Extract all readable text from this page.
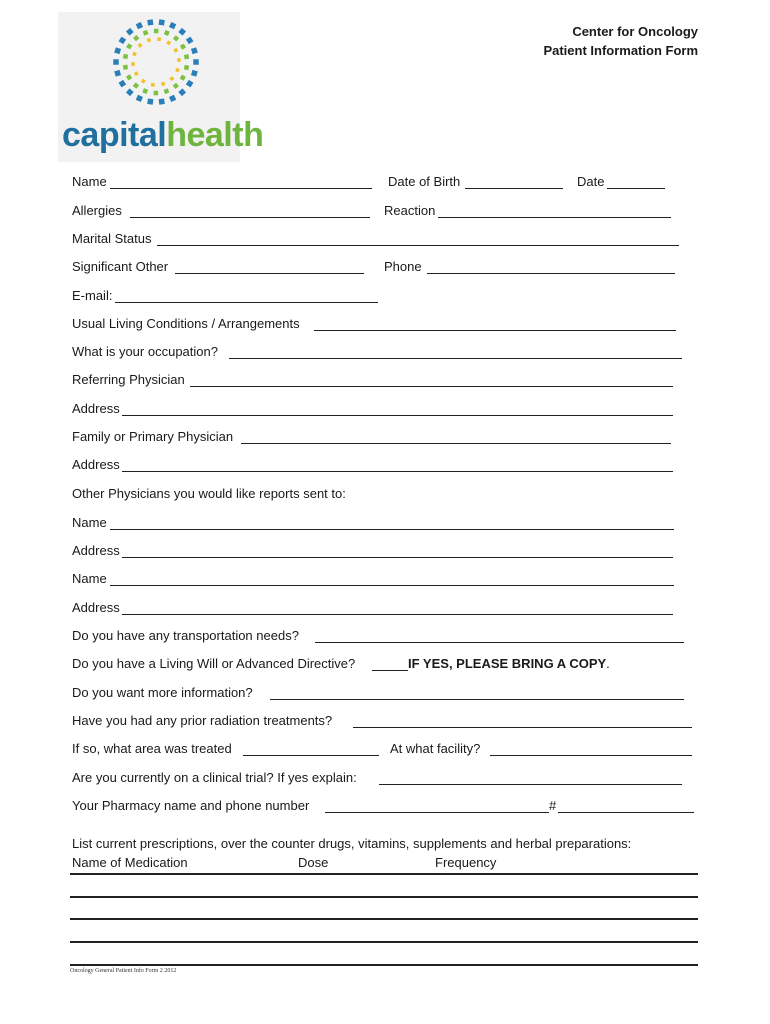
capitalhealth
Center for Oncology
Patient Information Form
Name	Date of Birth	Date
Allergies	Reaction
Marital Status
Significant Other	Phone
E-mail:
Usual Living Conditions / Arrangements
What is your occupation?
Referring Physician
Address
Family or Primary Physician
Address
Other Physicians you would like reports sent to:
Name
Address
Name
Address
Do you have any transportation needs?
Do you have a Living Will or Advanced Directive?	IF YES, PLEASE BRING A COPY.
Do you want more information?
Have you had any prior radiation treatments?
If so, what area was treated	At what facility?
Are you currently on a clinical trial? If yes explain:
Your Pharmacy name and phone number	#
List current prescriptions, over the counter drugs, vitamins, supplements and herbal preparations:
Name of Medication	Dose	Frequency
Oncology General Patient Info Form 2 2012
